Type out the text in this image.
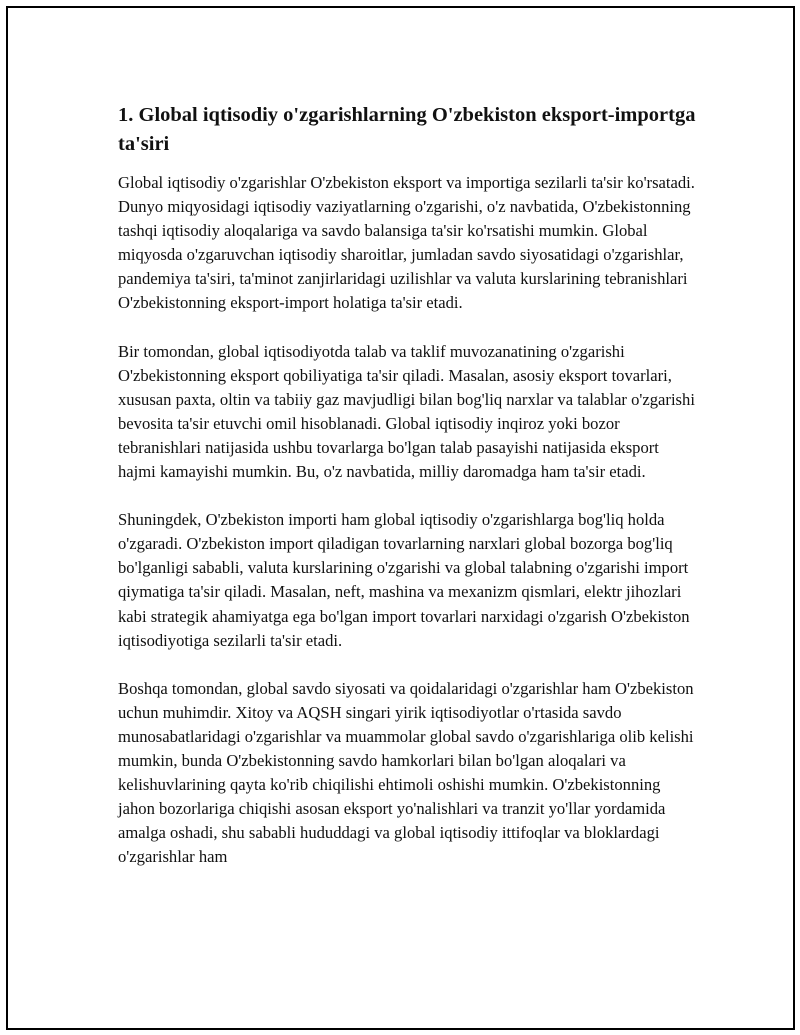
1. Global iqtisodiy o'zgarishlarning O'zbekiston eksport-importga ta'siri

Global iqtisodiy o'zgarishlar O'zbekiston eksport va importiga sezilarli ta'sir ko'rsatadi. Dunyo miqyosidagi iqtisodiy vaziyatlarning o'zgarishi, o'z navbatida, O'zbekistonning tashqi iqtisodiy aloqalariga va savdo balansiga ta'sir ko'rsatishi mumkin. Global miqyosda o'zgaruvchan iqtisodiy sharoitlar, jumladan savdo siyosatidagi o'zgarishlar, pandemiya ta'siri, ta'minot zanjirlaridagi uzilishlar va valuta kurslarining tebranishlari O'zbekistonning eksport-import holatiga ta'sir etadi.

Bir tomondan, global iqtisodiyotda talab va taklif muvozanatining o'zgarishi O'zbekistonning eksport qobiliyatiga ta'sir qiladi. Masalan, asosiy eksport tovarlari, xususan paxta, oltin va tabiiy gaz mavjudligi bilan bog'liq narxlar va talablar o'zgarishi bevosita ta'sir etuvchi omil hisoblanadi. Global iqtisodiy inqiroz yoki bozor tebranishlari natijasida ushbu tovarlarga bo'lgan talab pasayishi natijasida eksport hajmi kamayishi mumkin. Bu, o'z navbatida, milliy daromadga ham ta'sir etadi.

Shuningdek, O'zbekiston importi ham global iqtisodiy o'zgarishlarga bog'liq holda o'zgaradi. O'zbekiston import qiladigan tovarlarning narxlari global bozorga bog'liq bo'lganligi sababli, valuta kurslarining o'zgarishi va global talabning o'zgarishi import qiymatiga ta'sir qiladi. Masalan, neft, mashina va mexanizm qismlari, elektr jihozlari kabi strategik ahamiyatga ega bo'lgan import tovarlari narxidagi o'zgarish O'zbekiston iqtisodiyotiga sezilarli ta'sir etadi.

Boshqa tomondan, global savdo siyosati va qoidalaridagi o'zgarishlar ham O'zbekiston uchun muhimdir. Xitoy va AQSH singari yirik iqtisodiyotlar o'rtasida savdo munosabatlaridagi o'zgarishlar va muammolar global savdo o'zgarishlariga olib kelishi mumkin, bunda O'zbekistonning savdo hamkorlari bilan bo'lgan aloqalari va kelishuvlarining qayta ko'rib chiqilishi ehtimoli oshishi mumkin. O'zbekistonning jahon bozorlariga chiqishi asosan eksport yo'nalishlari va tranzit yo'llar yordamida amalga oshadi, shu sababli hududdagi va global iqtisodiy ittifoqlar va bloklardagi o'zgarishlar ham
